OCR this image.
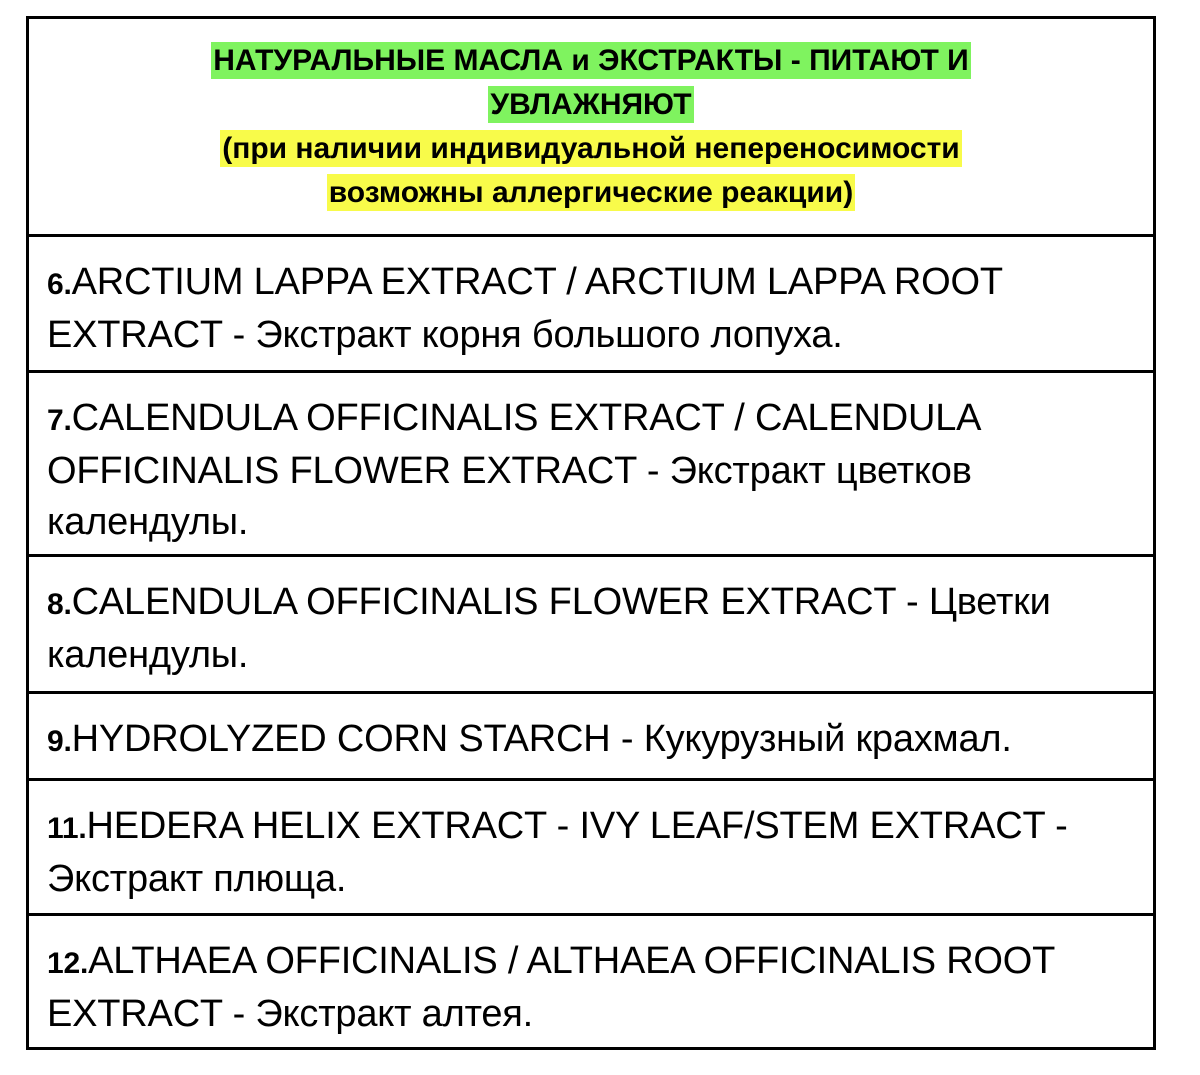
НАТУРАЛЬНЫЕ МАСЛА и ЭКСТРАКТЫ - ПИТАЮТ И
УВЛАЖНЯЮТ
(при наличии индивидуальной непереносимости
возможны аллергические реакции)
6.ARCTIUM LAPPA EXTRACT / ARCTIUM LAPPA ROOT EXTRACT - Экстракт корня большого лопуха.
7.CALENDULA OFFICINALIS EXTRACT / CALENDULA OFFICINALIS FLOWER EXTRACT - Экстракт цветков календулы.
8.CALENDULA OFFICINALIS FLOWER EXTRACT - Цветки календулы.
9.HYDROLYZED CORN STARCH - Кукурузный крахмал.
11.HEDERA HELIX EXTRACT - IVY LEAF/STEM EXTRACT - Экстракт плюща.
12.ALTHAEA OFFICINALIS / ALTHAEA OFFICINALIS ROOT EXTRACT - Экстракт алтея.
